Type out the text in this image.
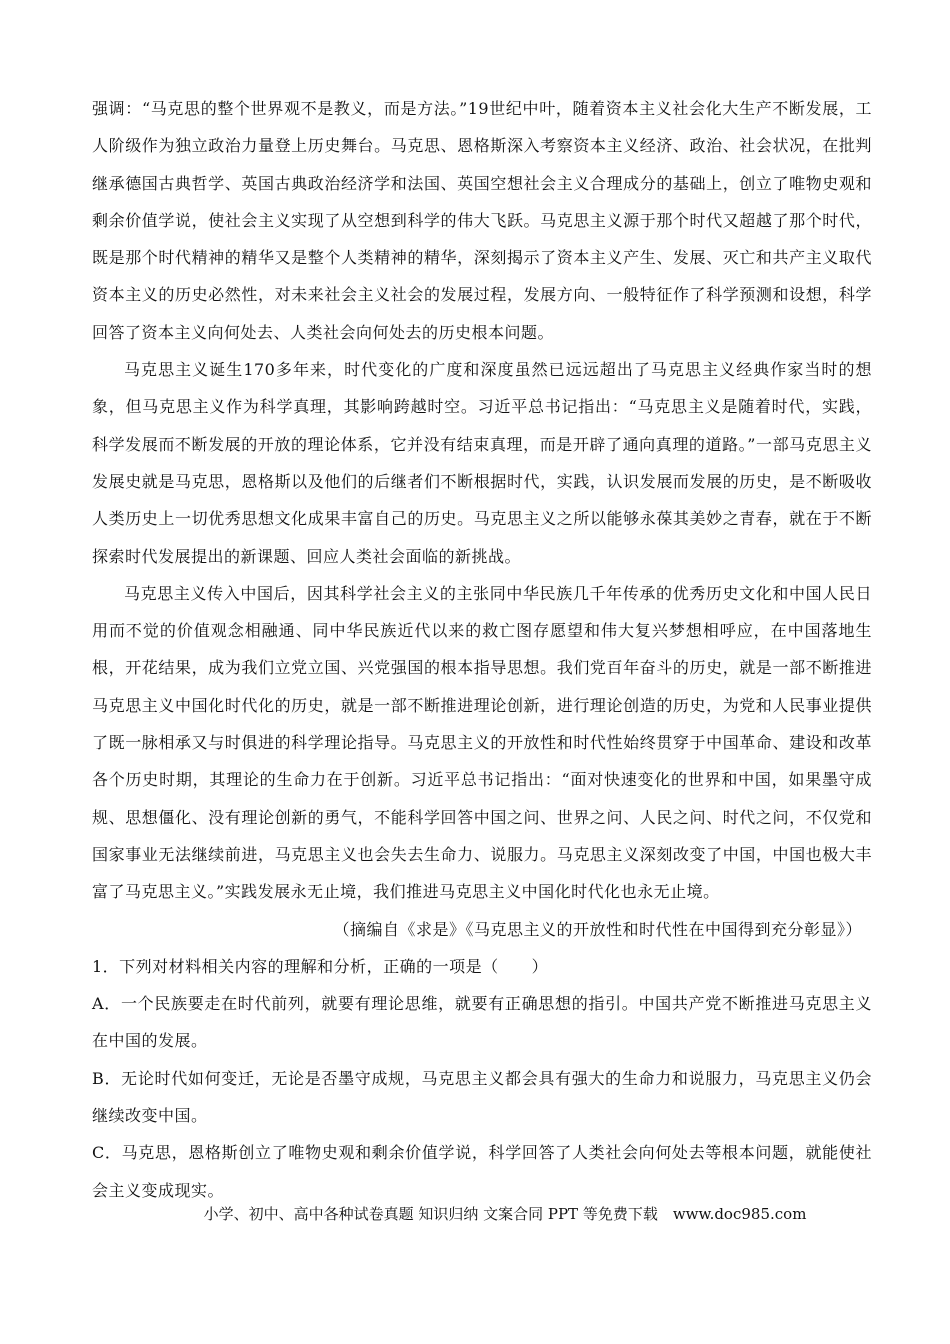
强调：“马克思的整个世界观不是教义，而是方法。”19世纪中叶，随着资本主义社会化大生产不断发展，工人阶级作为独立政治力量登上历史舞台。马克思、恩格斯深入考察资本主义经济、政治、社会状况，在批判继承德国古典哲学、英国古典政治经济学和法国、英国空想社会主义合理成分的基础上，创立了唯物史观和剩余价值学说，使社会主义实现了从空想到科学的伟大飞跃。马克思主义源于那个时代又超越了那个时代，既是那个时代精神的精华又是整个人类精神的精华，深刻揭示了资本主义产生、发展、灭亡和共产主义取代资本主义的历史必然性，对未来社会主义社会的发展过程，发展方向、一般特征作了科学预测和设想，科学回答了资本主义向何处去、人类社会向何处去的历史根本问题。

马克思主义诞生170多年来，时代变化的广度和深度虽然已远远超出了马克思主义经典作家当时的想象，但马克思主义作为科学真理，其影响跨越时空。习近平总书记指出：“马克思主义是随着时代，实践，科学发展而不断发展的开放的理论体系，它并没有结束真理，而是开辟了通向真理的道路。”一部马克思主义发展史就是马克思，恩格斯以及他们的后继者们不断根据时代，实践，认识发展而发展的历史，是不断吸收人类历史上一切优秀思想文化成果丰富自己的历史。马克思主义之所以能够永葆其美妙之青春，就在于不断探索时代发展提出的新课题、回应人类社会面临的新挑战。

马克思主义传入中国后，因其科学社会主义的主张同中华民族几千年传承的优秀历史文化和中国人民日用而不觉的价值观念相融通、同中华民族近代以来的救亡图存愿望和伟大复兴梦想相呼应，在中国落地生根，开花结果，成为我们立党立国、兴党强国的根本指导思想。我们党百年奋斗的历史，就是一部不断推进马克思主义中国化时代化的历史，就是一部不断推进理论创新，进行理论创造的历史，为党和人民事业提供了既一脉相承又与时俱进的科学理论指导。马克思主义的开放性和时代性始终贯穿于中国革命、建设和改革各个历史时期，其理论的生命力在于创新。习近平总书记指出：“面对快速变化的世界和中国，如果墨守成规、思想僵化、没有理论创新的勇气，不能科学回答中国之问、世界之问、人民之问、时代之问，不仅党和国家事业无法继续前进，马克思主义也会失去生命力、说服力。马克思主义深刻改变了中国，中国也极大丰富了马克思主义。”实践发展永无止境，我们推进马克思主义中国化时代化也永无止境。

（摘编自《求是》《马克思主义的开放性和时代性在中国得到充分彰显》）

1．下列对材料相关内容的理解和分析，正确的一项是（　　）

A．一个民族要走在时代前列，就要有理论思维，就要有正确思想的指引。中国共产党不断推进马克思主义在中国的发展。

B．无论时代如何变迁，无论是否墨守成规，马克思主义都会具有强大的生命力和说服力，马克思主义仍会继续改变中国。

C．马克思，恩格斯创立了唯物史观和剩余价值学说，科学回答了人类社会向何处去等根本问题，就能使社会主义变成现实。

小学、初中、高中各种试卷真题 知识归纳 文案合同 PPT 等免费下载　www.doc985.com
